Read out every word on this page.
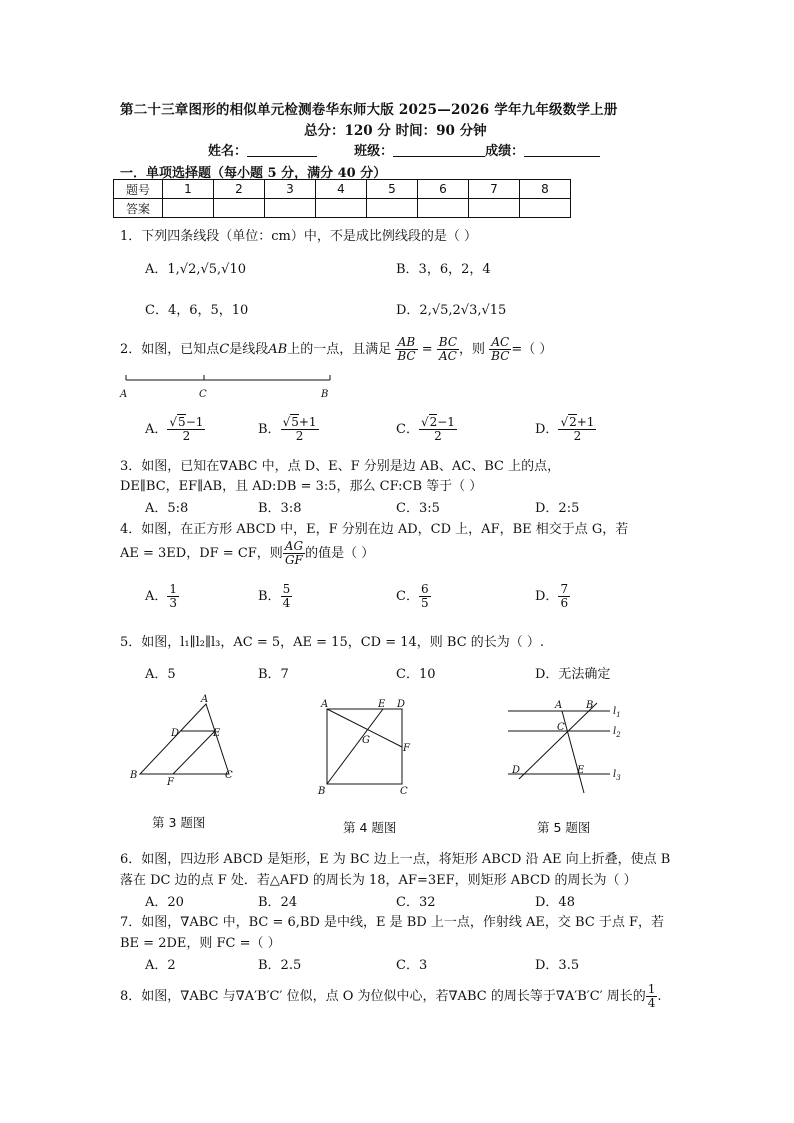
第二十三章图形的相似单元检测卷华东师大版 2025—2026 学年九年级数学上册
总分：120 分 时间：90 分钟
姓名：	班级：	成绩：
一．单项选择题（每小题 5 分，满分 40 分）
题号	1	2	3	4	5	6	7	8
答案								
1．下列四条线段（单位：cm）中，不是成比例线段的是（ ）
A．1,√2,√5,√10	B．3，6，2，4
C．4，6，5，10	D．2,√5,2√3,√15
2．如图，已知点C是线段AB上的一点，且满足 $\frac{AB}{BC} = \frac{BC}{AC}$ ，则 $\frac{AC}{BC}$ =（ ）
A	C	B
A． $\frac{√5-1}{2}$	B． $\frac{√5+1}{2}$	C． $\frac{√2-1}{2}$	D． $\frac{√2+1}{2}$
3．如图，已知在∇ABC 中，点 D、E、F 分别是边 AB、AC、BC 上的点，
DE∥BC，EF∥AB，且 AD:DB = 3:5，那么 CF:CB 等于（ ）
A．5:8	B．3:8	C．3:5	D．2:5
4．如图，在正方形 ABCD 中，E，F 分别在边 AD，CD 上，AF，BE 相交于点 G，若
AE = 3ED，DF = CF，则 $\frac{AG}{GF}$ 的值是（ ）
A． $\frac{1}{3}$	B． $\frac{5}{4}$	C． $\frac{6}{5}$	D． $\frac{7}{6}$
5．如图，l₁∥l₂∥l₃，AC = 5，AE = 15，CD = 14，则 BC 的长为（ ）.
A．5	B．7	C．10	D．无法确定
A
B	C
D	E
F
第 3 题图
A	E D
G
F
B	C
第 4 题图
A B
C
D	E
$l_1$
$l_2$
$l_3$
第 5 题图
6．如图，四边形 ABCD 是矩形，E 为 BC 边上一点，将矩形 ABCD 沿 AE 向上折叠，使点 B
落在 DC 边的点 F 处．若△AFD 的周长为 18，AF=3EF，则矩形 ABCD 的周长为（ ）
A．20	B．24	C．32	D．48
7．如图，∇ABC 中，BC = 6,BD 是中线，E 是 BD 上一点，作射线 AE，交 BC 于点 F，若
BE = 2DE，则 FC =（ ）
A．2	B．2.5	C．3	D．3.5
8．如图，∇ABC 与∇A′B′C′ 位似，点 O 为位似中心，若∇ABC 的周长等于∇A′B′C′ 周长的 $\frac{1}{4}$ .
